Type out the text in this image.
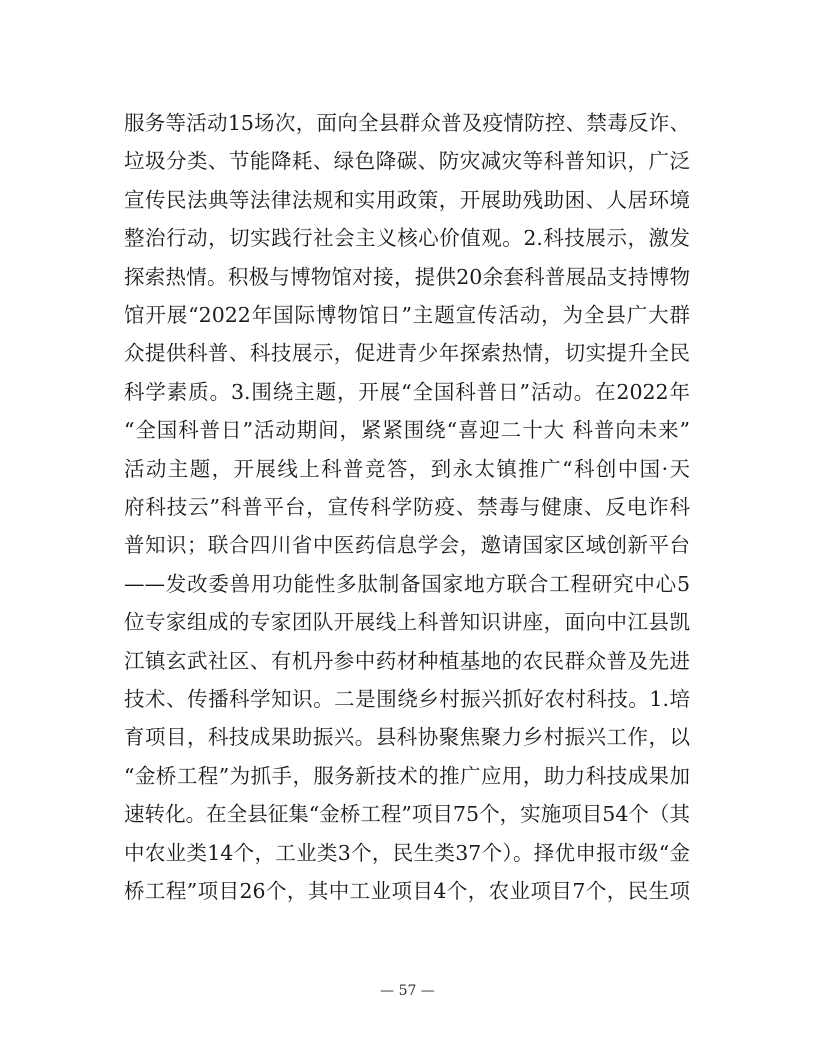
服务等活动15场次，面向全县群众普及疫情防控、禁毒反诈、
垃圾分类、节能降耗、绿色降碳、防灾减灾等科普知识，广泛
宣传民法典等法律法规和实用政策，开展助残助困、人居环境
整治行动，切实践行社会主义核心价值观。2.科技展示，激发
探索热情。积极与博物馆对接，提供20余套科普展品支持博物
馆开展“2022年国际博物馆日”主题宣传活动，为全县广大群
众提供科普、科技展示，促进青少年探索热情，切实提升全民
科学素质。3.围绕主题，开展“全国科普日”活动。在2022年
“全国科普日”活动期间，紧紧围绕“喜迎二十大 科普向未来”
活动主题，开展线上科普竞答，到永太镇推广“科创中国·天
府科技云”科普平台，宣传科学防疫、禁毒与健康、反电诈科
普知识；联合四川省中医药信息学会，邀请国家区域创新平台
——发改委兽用功能性多肽制备国家地方联合工程研究中心5
位专家组成的专家团队开展线上科普知识讲座，面向中江县凯
江镇玄武社区、有机丹参中药材种植基地的农民群众普及先进
技术、传播科学知识。二是围绕乡村振兴抓好农村科技。1.培
育项目，科技成果助振兴。县科协聚焦聚力乡村振兴工作，以
“金桥工程”为抓手，服务新技术的推广应用，助力科技成果加
速转化。在全县征集“金桥工程”项目75个，实施项目54个（其
中农业类14个，工业类3个，民生类37个）。择优申报市级“金
桥工程”项目26个，其中工业项目4个，农业项目7个，民生项
— 57 —
